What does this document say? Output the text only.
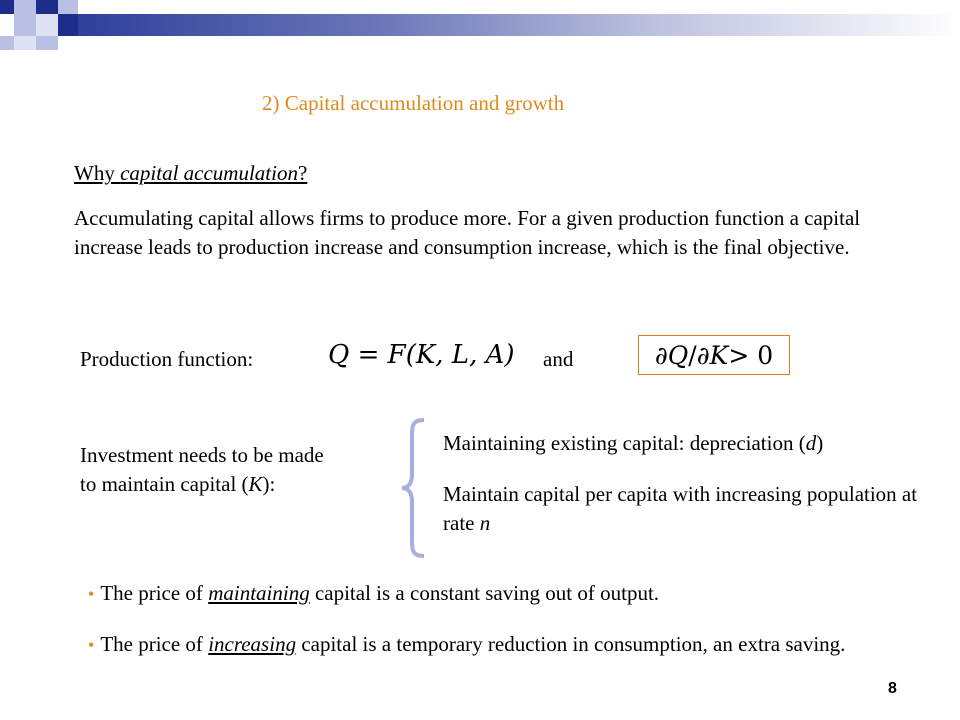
2) Capital accumulation and growth
Why capital accumulation?
Accumulating capital allows firms to produce more. For a given production function a capital increase leads to production increase and consumption increase, which is the final objective.
Production function:	Q = F(K, L, A) and	∂Q / ∂K > 0
Investment needs to be made
to maintain capital (K):
Maintaining existing capital: depreciation (d)
Maintain capital per capita with increasing population at rate n
• The price of maintaining capital is a constant saving out of output.
• The price of increasing capital is a temporary reduction in consumption, an extra saving.
8
